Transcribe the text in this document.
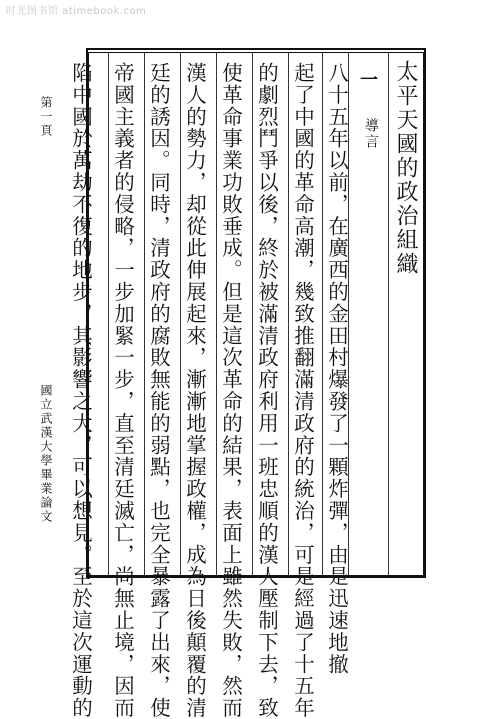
时光图书馆 atimebook.com
太平天國的政治組織
一
導言
八十五年以前，在廣西的金田村爆發了一顆炸彈，由是迅速地撤
起了中國的革命高潮，幾致推翻滿清政府的統治，可是經過了十五年
的劇烈鬥爭以後，終於被滿清政府利用一班忠順的漢人壓制下去，致
使革命事業功敗垂成。但是這次革命的結果，表面上雖然失敗，然而
漢人的勢力，却從此伸展起來，漸漸地掌握政權，成為日後顛覆的清
廷的誘因。同時，清政府的腐敗無能的弱點，也完全暴露了出來，使
帝國主義者的侵略，一步加緊一步，直至清廷滅亡，尚無止境，因而
陷中國於萬劫不復的地步，其影響之大，可以想見。至於這次運動的
第一頁
國立武漢大學畢業論文
